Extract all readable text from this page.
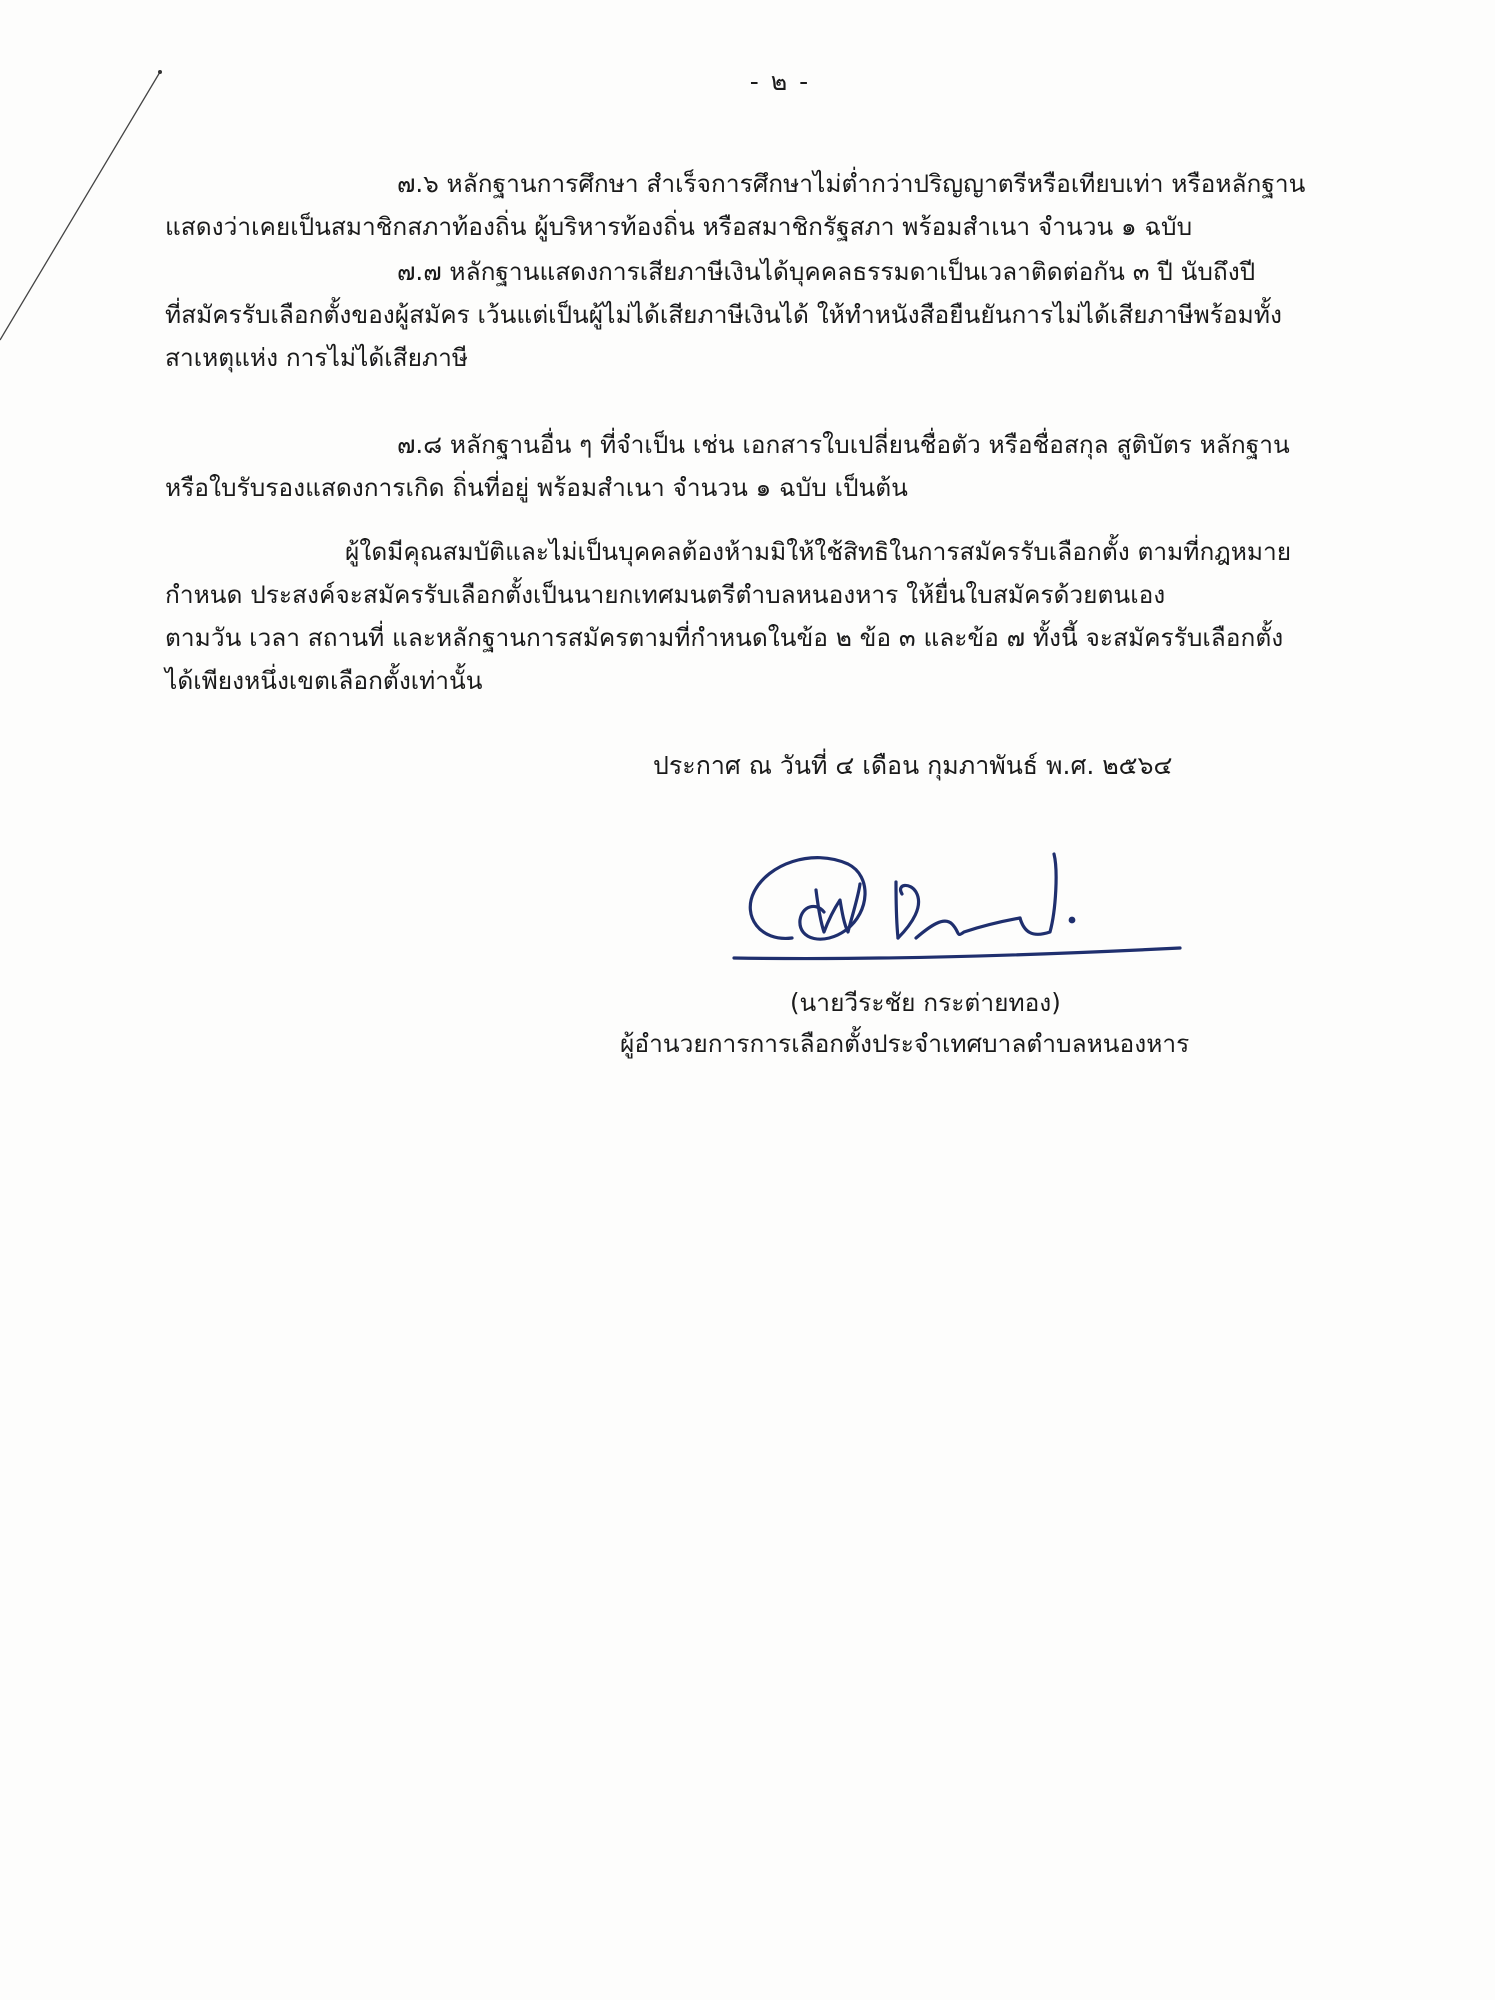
- ๒ -
๗.๖ หลักฐานการศึกษา สำเร็จการศึกษาไม่ต่ำกว่าปริญญาตรีหรือเทียบเท่า หรือหลักฐาน
แสดงว่าเคยเป็นสมาชิกสภาท้องถิ่น ผู้บริหารท้องถิ่น หรือสมาชิกรัฐสภา พร้อมสำเนา จำนวน ๑ ฉบับ
๗.๗ หลักฐานแสดงการเสียภาษีเงินได้บุคคลธรรมดาเป็นเวลาติดต่อกัน ๓ ปี นับถึงปี
ที่สมัครรับเลือกตั้งของผู้สมัคร เว้นแต่เป็นผู้ไม่ได้เสียภาษีเงินได้ ให้ทำหนังสือยืนยันการไม่ได้เสียภาษีพร้อมทั้ง
สาเหตุแห่ง การไม่ได้เสียภาษี
๗.๘ หลักฐานอื่น ๆ ที่จำเป็น เช่น เอกสารใบเปลี่ยนชื่อตัว หรือชื่อสกุล สูติบัตร หลักฐาน
หรือใบรับรองแสดงการเกิด ถิ่นที่อยู่ พร้อมสำเนา จำนวน ๑ ฉบับ เป็นต้น
ผู้ใดมีคุณสมบัติและไม่เป็นบุคคลต้องห้ามมิให้ใช้สิทธิในการสมัครรับเลือกตั้ง ตามที่กฎหมาย
กำหนด ประสงค์จะสมัครรับเลือกตั้งเป็นนายกเทศมนตรีตำบลหนองหาร ให้ยื่นใบสมัครด้วยตนเอง
ตามวัน เวลา สถานที่ และหลักฐานการสมัครตามที่กำหนดในข้อ ๒ ข้อ ๓ และข้อ ๗ ทั้งนี้ จะสมัครรับเลือกตั้ง
ได้เพียงหนึ่งเขตเลือกตั้งเท่านั้น
ประกาศ ณ วันที่ ๔ เดือน กุมภาพันธ์ พ.ศ. ๒๕๖๔
(นายวีระชัย กระต่ายทอง)
ผู้อำนวยการการเลือกตั้งประจำเทศบาลตำบลหนองหาร
